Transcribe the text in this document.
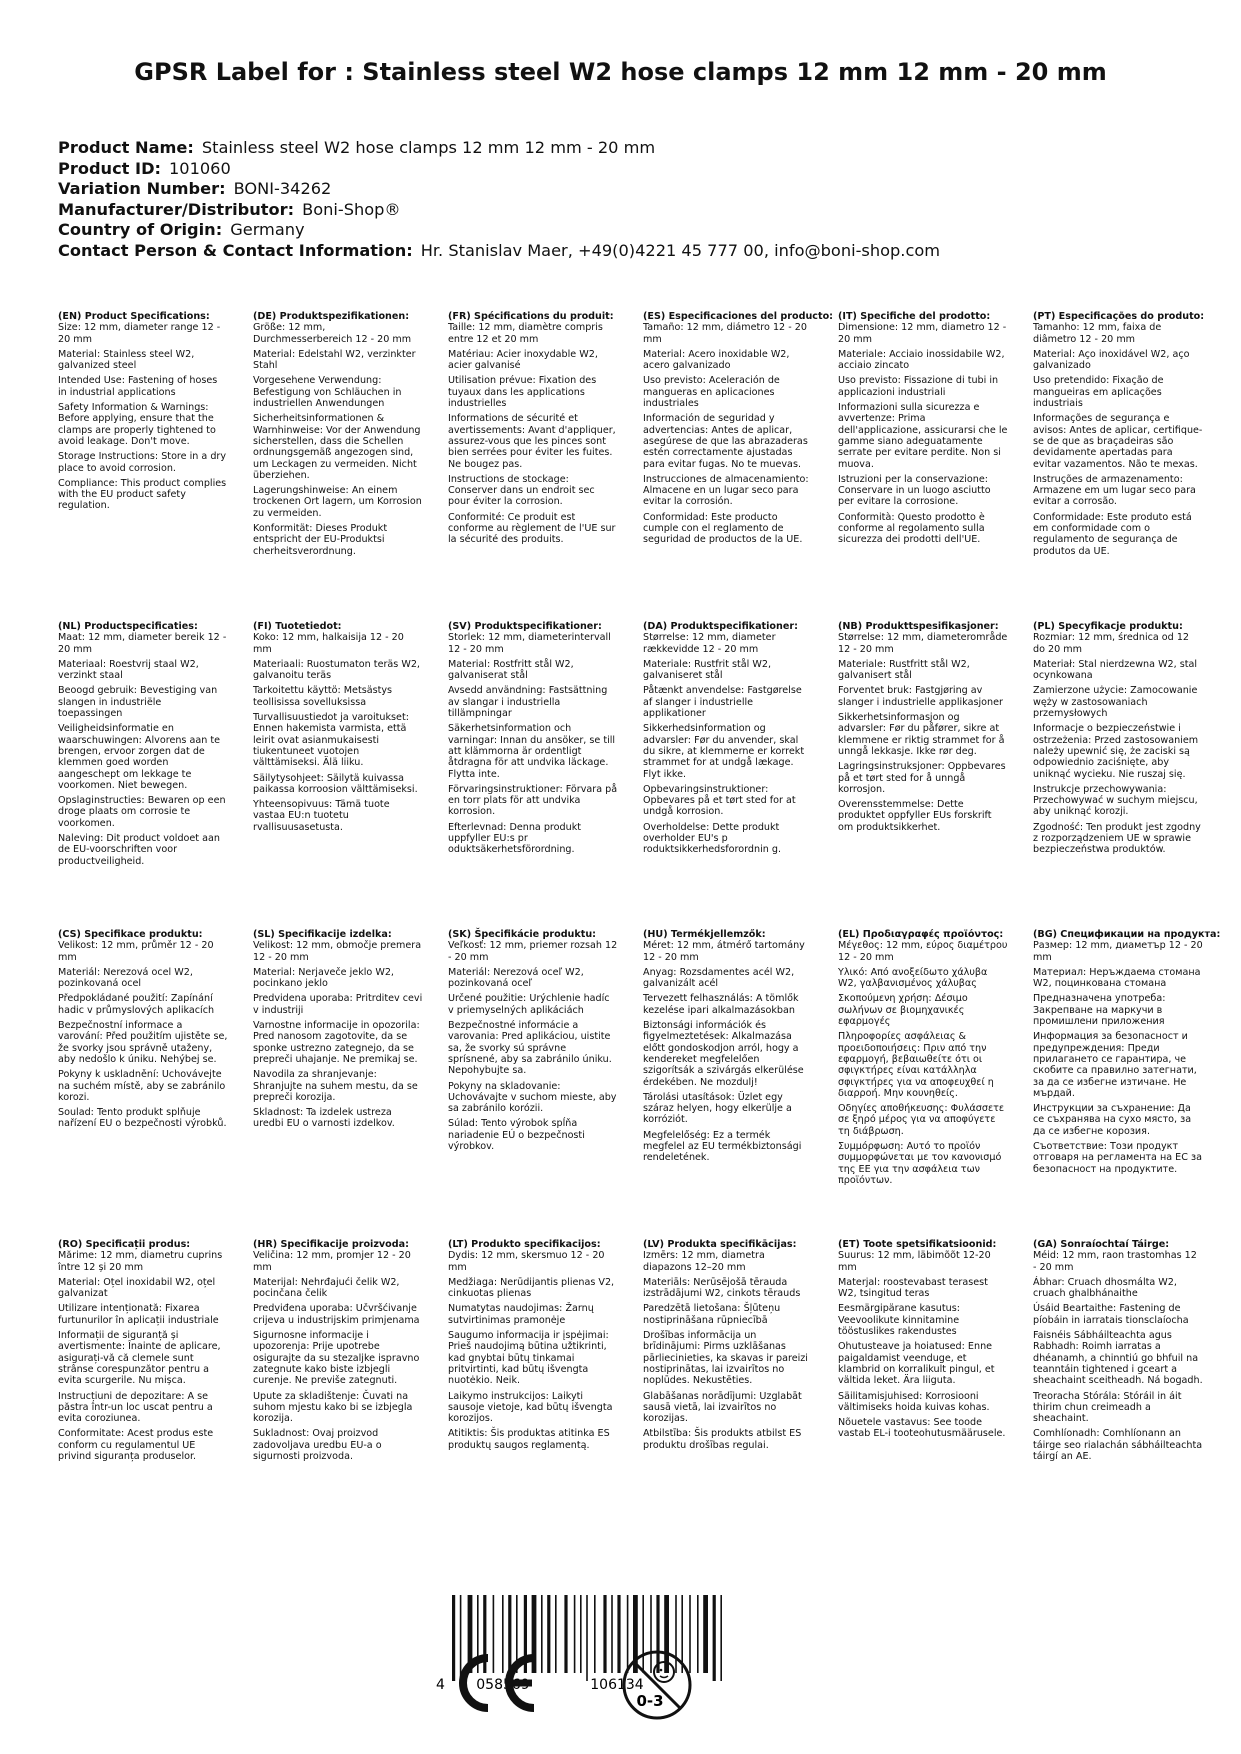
GPSR Label for : Stainless steel W2 hose clamps 12 mm 12 mm - 20 mm
Product Name: Stainless steel W2 hose clamps 12 mm 12 mm - 20 mm
Product ID: 101060
Variation Number: BONI-34262
Manufacturer/Distributor: Boni-Shop®
Country of Origin: Germany
Contact Person & Contact Information: Hr. Stanislav Maer, +49(0)4221 45 777 00, info@boni-shop.com
(EN) Product Specifications:
Size: 12 mm, diameter range 12 - 20 mm
Material: Stainless steel W2, galvanized steel
Intended Use: Fastening of hoses in industrial applications
Safety Information & Warnings: Before applying, ensure that the clamps are properly tightened to avoid leakage. Don't move.
Storage Instructions: Store in a dry place to avoid corrosion.
Compliance: This product complies with the EU product safety regulation.
(DE) Produktspezifikationen:
Größe: 12 mm, Durchmesserbereich 12 - 20 mm
Material: Edelstahl W2, verzinkter Stahl
Vorgesehene Verwendung: Befestigung von Schläuchen in industriellen Anwendungen
Sicherheitsinformationen & Warnhinweise: Vor der Anwendung sicherstellen, dass die Schellen ordnungsgemäß angezogen sind, um Leckagen zu vermeiden. Nicht überziehen.
Lagerungshinweise: An einem trockenen Ort lagern, um Korrosion zu vermeiden.
Konformität: Dieses Produkt entspricht der EU-Produktsi cherheitsverordnung.
(FR) Spécifications du produit:
Taille: 12 mm, diamètre compris entre 12 et 20 mm
Matériau: Acier inoxydable W2, acier galvanisé
Utilisation prévue: Fixation des tuyaux dans les applications industrielles
Informations de sécurité et avertissements: Avant d'appliquer, assurez-vous que les pinces sont bien serrées pour éviter les fuites. Ne bougez pas.
Instructions de stockage: Conserver dans un endroit sec pour éviter la corrosion.
Conformité: Ce produit est conforme au règlement de l'UE sur la sécurité des produits.
(ES) Especificaciones del producto:
Tamaño: 12 mm, diámetro 12 - 20 mm
Material: Acero inoxidable W2, acero galvanizado
Uso previsto: Aceleración de mangueras en aplicaciones industriales
Información de seguridad y advertencias: Antes de aplicar, asegúrese de que las abrazaderas estén correctamente ajustadas para evitar fugas. No te muevas.
Instrucciones de almacenamiento: Almacene en un lugar seco para evitar la corrosión.
Conformidad: Este producto cumple con el reglamento de seguridad de productos de la UE.
(IT) Specifiche del prodotto:
Dimensione: 12 mm, diametro 12 - 20 mm
Materiale: Acciaio inossidabile W2, acciaio zincato
Uso previsto: Fissazione di tubi in applicazioni industriali
Informazioni sulla sicurezza e avvertenze: Prima dell'applicazione, assicurarsi che le gamme siano adeguatamente serrate per evitare perdite. Non si muova.
Istruzioni per la conservazione: Conservare in un luogo asciutto per evitare la corrosione.
Conformità: Questo prodotto è conforme al regolamento sulla sicurezza dei prodotti dell'UE.
(PT) Especificações do produto:
Tamanho: 12 mm, faixa de diâmetro 12 - 20 mm
Material: Aço inoxidável W2, aço galvanizado
Uso pretendido: Fixação de mangueiras em aplicações industriais
Informações de segurança e avisos: Antes de aplicar, certifique-se de que as braçadeiras são devidamente apertadas para evitar vazamentos. Não te mexas.
Instruções de armazenamento: Armazene em um lugar seco para evitar a corrosão.
Conformidade: Este produto está em conformidade com o regulamento de segurança de produtos da UE.
(NL) Productspecificaties:
Maat: 12 mm, diameter bereik 12 - 20 mm
Materiaal: Roestvrij staal W2, verzinkt staal
Beoogd gebruik: Bevestiging van slangen in industriële toepassingen
Veiligheidsinformatie en waarschuwingen: Alvorens aan te brengen, ervoor zorgen dat de klemmen goed worden aangeschept om lekkage te voorkomen. Niet bewegen.
Opslaginstructies: Bewaren op een droge plaats om corrosie te voorkomen.
Naleving: Dit product voldoet aan de EU-voorschriften voor productveiligheid.
(FI) Tuotetiedot:
Koko: 12 mm, halkaisija 12 - 20 mm
Materiaali: Ruostumaton teräs W2, galvanoitu teräs
Tarkoitettu käyttö: Metsästys teollisissa sovelluksissa
Turvallisuustiedot ja varoitukset: Ennen hakemista varmista, että leirit ovat asianmukaisesti tiukentuneet vuotojen välttämiseksi. Älä liiku.
Säilytysohjeet: Säilytä kuivassa paikassa korroosion välttämiseksi.
Yhteensopivuus: Tämä tuote vastaa EU:n tuotetu rvallisuusasetusta.
(SV) Produktspecifikationer:
Storlek: 12 mm, diameterintervall 12 - 20 mm
Material: Rostfritt stål W2, galvaniserat stål
Avsedd användning: Fastsättning av slangar i industriella tillämpningar
Säkerhetsinformation och varningar: Innan du ansöker, se till att klämmorna är ordentligt åtdragna för att undvika läckage. Flytta inte.
Förvaringsinstruktioner: Förvara på en torr plats för att undvika korrosion.
Efterlevnad: Denna produkt uppfyller EU:s pr oduktsäkerhetsförordning.
(DA) Produktspecifikationer:
Størrelse: 12 mm, diameter rækkevidde 12 - 20 mm
Materiale: Rustfrit stål W2, galvaniseret stål
Påtænkt anvendelse: Fastgørelse af slanger i industrielle applikationer
Sikkerhedsinformation og advarsler: Før du anvender, skal du sikre, at klemmerne er korrekt strammet for at undgå lækage. Flyt ikke.
Opbevaringsinstruktioner: Opbevares på et tørt sted for at undgå korrosion.
Overholdelse: Dette produkt overholder EU's p roduktsikkerhedsforordnin g.
(NB) Produkttspesifikasjoner:
Størrelse: 12 mm, diameterområde 12 - 20 mm
Materiale: Rustfritt stål W2, galvanisert stål
Forventet bruk: Fastgjøring av slanger i industrielle applikasjoner
Sikkerhetsinformasjon og advarsler: Før du påfører, sikre at klemmene er riktig strammet for å unngå lekkasje. Ikke rør deg.
Lagringsinstruksjoner: Oppbevares på et tørt sted for å unngå korrosjon.
Overensstemmelse: Dette produktet oppfyller EUs forskrift om produktsikkerhet.
(PL) Specyfikacje produktu:
Rozmiar: 12 mm, średnica od 12 do 20 mm
Materiał: Stal nierdzewna W2, stal ocynkowana
Zamierzone użycie: Zamocowanie węży w zastosowaniach przemysłowych
Informacje o bezpieczeństwie i ostrzeżenia: Przed zastosowaniem należy upewnić się, że zaciski są odpowiednio zaciśnięte, aby uniknąć wycieku. Nie ruszaj się.
Instrukcje przechowywania: Przechowywać w suchym miejscu, aby uniknąć korozji.
Zgodność: Ten produkt jest zgodny z rozporządzeniem UE w sprawie bezpieczeństwa produktów.
(CS) Specifikace produktu:
Velikost: 12 mm, průměr 12 - 20 mm
Materiál: Nerezová ocel W2, pozinkovaná ocel
Předpokládané použití: Zapínání hadic v průmyslových aplikacích
Bezpečnostní informace a varování: Před použitím ujistěte se, že svorky jsou správně utaženy, aby nedošlo k úniku. Nehýbej se.
Pokyny k uskladnění: Uchovávejte na suchém místě, aby se zabránilo korozi.
Soulad: Tento produkt splňuje nařízení EU o bezpečnosti výrobků.
(SL) Specifikacije izdelka:
Velikost: 12 mm, območje premera 12 - 20 mm
Material: Nerjaveče jeklo W2, pocinkano jeklo
Predvidena uporaba: Pritrditev cevi v industriji
Varnostne informacije in opozorila: Pred nanosom zagotovite, da se sponke ustrezno zategnejo, da se prepreči uhajanje. Ne premikaj se.
Navodila za shranjevanje: Shranjujte na suhem mestu, da se prepreči korozija.
Skladnost: Ta izdelek ustreza uredbi EU o varnosti izdelkov.
(SK) Špecifikácie produktu:
Veľkosť: 12 mm, priemer rozsah 12 - 20 mm
Materiál: Nerezová oceľ W2, pozinkovaná oceľ
Určené použitie: Urýchlenie hadíc v priemyselných aplikáciách
Bezpečnostné informácie a varovania: Pred aplikáciou, uistite sa, že svorky sú správne sprísnené, aby sa zabránilo úniku. Nepohybujte sa.
Pokyny na skladovanie: Uchovávajte v suchom mieste, aby sa zabránilo korózii.
Súlad: Tento výrobok spĺňa nariadenie EÚ o bezpečnosti výrobkov.
(HU) Termékjellemzők:
Méret: 12 mm, átmérő tartomány 12 - 20 mm
Anyag: Rozsdamentes acél W2, galvanizált acél
Tervezett felhasználás: A tömlők kezelése ipari alkalmazásokban
Biztonsági információk és figyelmeztetések: Alkalmazása előtt gondoskodjon arról, hogy a kendereket megfelelően szigorítsák a szivárgás elkerülése érdekében. Ne mozdulj!
Tárolási utasítások: Üzlet egy száraz helyen, hogy elkerülje a korróziót.
Megfelelőség: Ez a termék megfelel az EU termékbiztonsági rendeletének.
(EL) Προδιαγραφές προϊόντος:
Μέγεθος: 12 mm, εύρος διαμέτρου 12 - 20 mm
Υλικό: Από ανοξείδωτο χάλυβα W2, γαλβανισμένος χάλυβας
Σκοπούμενη χρήση: Δέσιμο σωλήνων σε βιομηχανικές εφαρμογές
Πληροφορίες ασφάλειας & προειδοποιήσεις: Πριν από την εφαρμογή, βεβαιωθείτε ότι οι σφιγκτήρες είναι κατάλληλα σφιγκτήρες για να αποφευχθεί η διαρροή. Μην κουνηθείς.
Οδηγίες αποθήκευσης: Φυλάσσετε σε ξηρό μέρος για να αποφύγετε τη διάβρωση.
Συμμόρφωση: Αυτό το προϊόν συμμορφώνεται με τον κανονισμό της ΕΕ για την ασφάλεια των προϊόντων.
(BG) Спецификации на продукта:
Размер: 12 mm, диаметър 12 - 20 mm
Материал: Неръждаема стомана W2, поцинкована стомана
Предназначена употреба: Закрепване на маркучи в промишлени приложения
Информация за безопасност и предупреждения: Преди прилагането се гарантира, че скобите са правилно затегнати, за да се избегне изтичане. Не мърдай.
Инструкции за съхранение: Да се съхранява на сухо място, за да се избегне корозия.
Съответствие: Този продукт отговаря на регламента на ЕС за безопасност на продуктите.
(RO) Specificații produs:
Mărime: 12 mm, diametru cuprins între 12 și 20 mm
Material: Oțel inoxidabil W2, oțel galvanizat
Utilizare intenționată: Fixarea furtunurilor în aplicații industriale
Informații de siguranță și avertismente: Înainte de aplicare, asigurați-vă că clemele sunt strânse corespunzător pentru a evita scurgerile. Nu mișca.
Instrucțiuni de depozitare: A se păstra într-un loc uscat pentru a evita coroziunea.
Conformitate: Acest produs este conform cu regulamentul UE privind siguranța produselor.
(HR) Specifikacije proizvoda:
Veličina: 12 mm, promjer 12 - 20 mm
Materijal: Nehrđajući čelik W2, pocinčana čelik
Predviđena uporaba: Učvršćivanje crijeva u industrijskim primjenama
Sigurnosne informacije i upozorenja: Prije upotrebe osigurajte da su stezaljke ispravno zategnute kako biste izbjegli curenje. Ne previše zategnuti.
Upute za skladištenje: Čuvati na suhom mjestu kako bi se izbjegla korozija.
Sukladnost: Ovaj proizvod zadovoljava uredbu EU-a o sigurnosti proizvoda.
(LT) Produkto specifikacijos:
Dydis: 12 mm, skersmuo 12 - 20 mm
Medžiaga: Nerūdijantis plienas V2, cinkuotas plienas
Numatytas naudojimas: Žarnų sutvirtinimas pramonėje
Saugumo informacija ir įspėjimai: Prieš naudojimą būtina užtikrinti, kad gnybtai būtų tinkamai pritvirtinti, kad būtų išvengta nuotėkio. Neik.
Laikymo instrukcijos: Laikyti sausoje vietoje, kad būtų išvengta korozijos.
Atitiktis: Šis produktas atitinka ES produktų saugos reglamentą.
(LV) Produkta specifikācijas:
Izmērs: 12 mm, diametra diapazons 12–20 mm
Materiāls: Nerūsējošā tērauda izstrādājumi W2, cinkots tērauds
Paredzētā lietošana: Šļūteņu nostiprināšana rūpniecībā
Drošības informācija un brīdinājumi: Pirms uzklāšanas pārliecinieties, ka skavas ir pareizi nostiprinātas, lai izvairītos no noplūdes. Nekustēties.
Glabāšanas norādījumi: Uzglabāt sausā vietā, lai izvairītos no korozijas.
Atbilstība: Šis produkts atbilst ES produktu drošības regulai.
(ET) Toote spetsifikatsioonid:
Suurus: 12 mm, läbimõõt 12-20 mm
Materjal: roostevabast terasest W2, tsingitud teras
Eesmärgipärane kasutus: Veevoolikute kinnitamine tööstuslikes rakendustes
Ohutusteave ja hoiatused: Enne paigaldamist veenduge, et klambrid on korralikult pingul, et vältida leket. Ära liiguta.
Säilitamisjuhised: Korrosiooni vältimiseks hoida kuivas kohas.
Nõuetele vastavus: See toode vastab EL-i tooteohutusmäärusele.
(GA) Sonraíochtaí Táirge:
Méid: 12 mm, raon trastomhas 12 - 20 mm
Ábhar: Cruach dhosmálta W2, cruach ghalbhánaithe
Úsáid Beartaithe: Fastening de píobáin in iarratais tionsclaíocha
Faisnéis Sábháilteachta agus Rabhadh: Roimh iarratas a dhéanamh, a chinntiú go bhfuil na teanntáin tightened i gceart a sheachaint sceitheadh. Ná bogadh.
Treoracha Stórála: Stóráil in áit thirim chun creimeadh a sheachaint.
Comhlíonadh: Comhlíonann an táirge seo rialachán sábháilteachta táirgí an AE.
4 058569	106134
0-3
